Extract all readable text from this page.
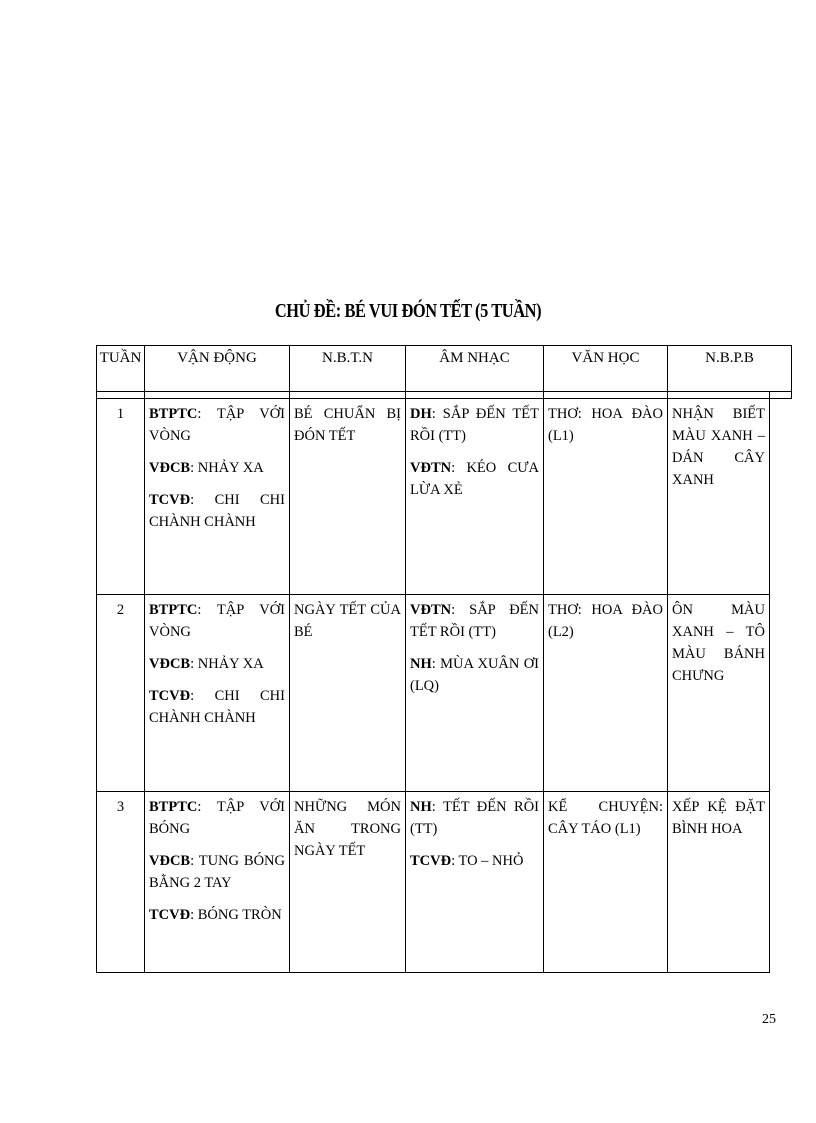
CHỦ ĐỀ: BÉ VUI ĐÓN TẾT (5 TUẦN)
TUẦN	VẬN ĐỘNG	N.B.T.N	ÂM NHẠC	VĂN HỌC	N.B.P.B	

1	BTPTC: TẬP VỚI VÒNG
VĐCB: NHẢY XA
TCVĐ: CHI CHI CHÀNH CHÀNH	BÉ CHUẨN BỊ ĐÓN TẾT	DH: SẮP ĐẾN TẾT RỒI (TT)
VĐTN: KÉO CƯA LỪA XẺ	THƠ: HOA ĐÀO (L1)	NHẬN BIẾT MÀU XANH – DÁN CÂY XANH	
2	BTPTC: TẬP VỚI VÒNG
VĐCB: NHẢY XA
TCVĐ: CHI CHI CHÀNH CHÀNH	NGÀY TẾT CỦA BÉ	VĐTN: SẮP ĐẾN TẾT RỒI (TT)
NH: MÙA XUÂN ƠI (LQ)	THƠ: HOA ĐÀO (L2)	ÔN MÀU XANH – TÔ MÀU BÁNH CHƯNG	
3	BTPTC: TẬP VỚI BÓNG
VĐCB: TUNG BÓNG BẰNG 2 TAY
TCVĐ: BÓNG TRÒN	NHỮNG MÓN ĂN TRONG NGÀY TẾT	NH: TẾT ĐẾN RỒI (TT)
TCVĐ: TO – NHỎ	KỂ CHUYỆN: CÂY TÁO (L1)	XẾP KỆ ĐẶT BÌNH HOA	
25
